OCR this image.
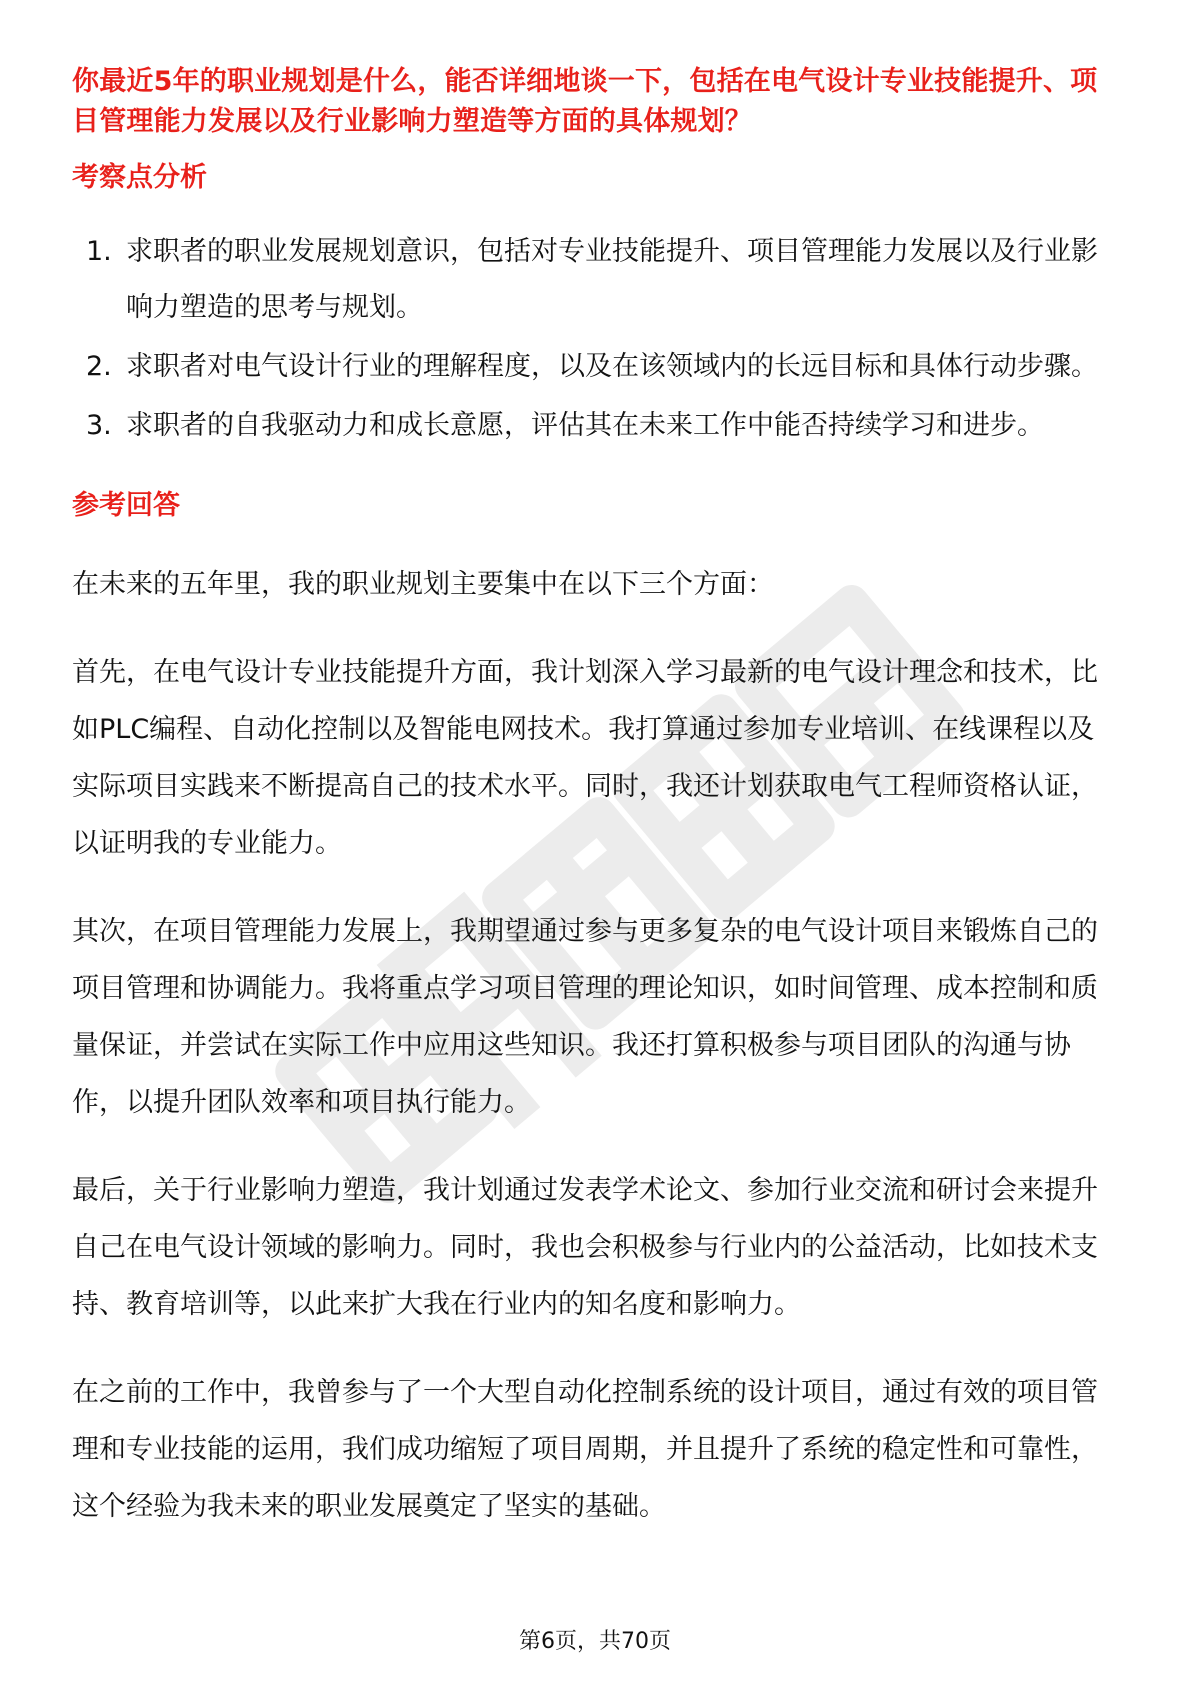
你最近5年的职业规划是什么，能否详细地谈一下，包括在电气设计专业技能提升、项目管理能力发展以及行业影响力塑造等方面的具体规划？

考察点分析
1. 求职者的职业发展规划意识，包括对专业技能提升、项目管理能力发展以及行业影响力塑造的思考与规划。
2. 求职者对电气设计行业的理解程度，以及在该领域内的长远目标和具体行动步骤。
3. 求职者的自我驱动力和成长意愿，评估其在未来工作中能否持续学习和进步。
参考回答

在未来的五年里，我的职业规划主要集中在以下三个方面：

首先，在电气设计专业技能提升方面，我计划深入学习最新的电气设计理念和技术，比如PLC编程、自动化控制以及智能电网技术。我打算通过参加专业培训、在线课程以及实际项目实践来不断提高自己的技术水平。同时，我还计划获取电气工程师资格认证，以证明我的专业能力。

其次，在项目管理能力发展上，我期望通过参与更多复杂的电气设计项目来锻炼自己的项目管理和协调能力。我将重点学习项目管理的理论知识，如时间管理、成本控制和质量保证，并尝试在实际工作中应用这些知识。我还打算积极参与项目团队的沟通与协作，以提升团队效率和项目执行能力。

最后，关于行业影响力塑造，我计划通过发表学术论文、参加行业交流和研讨会来提升自己在电气设计领域的影响力。同时，我也会积极参与行业内的公益活动，比如技术支持、教育培训等，以此来扩大我在行业内的知名度和影响力。

在之前的工作中，我曾参与了一个大型自动化控制系统的设计项目，通过有效的项目管理和专业技能的运用，我们成功缩短了项目周期，并且提升了系统的稳定性和可靠性，这个经验为我未来的职业发展奠定了坚实的基础。

第6页，共70页
